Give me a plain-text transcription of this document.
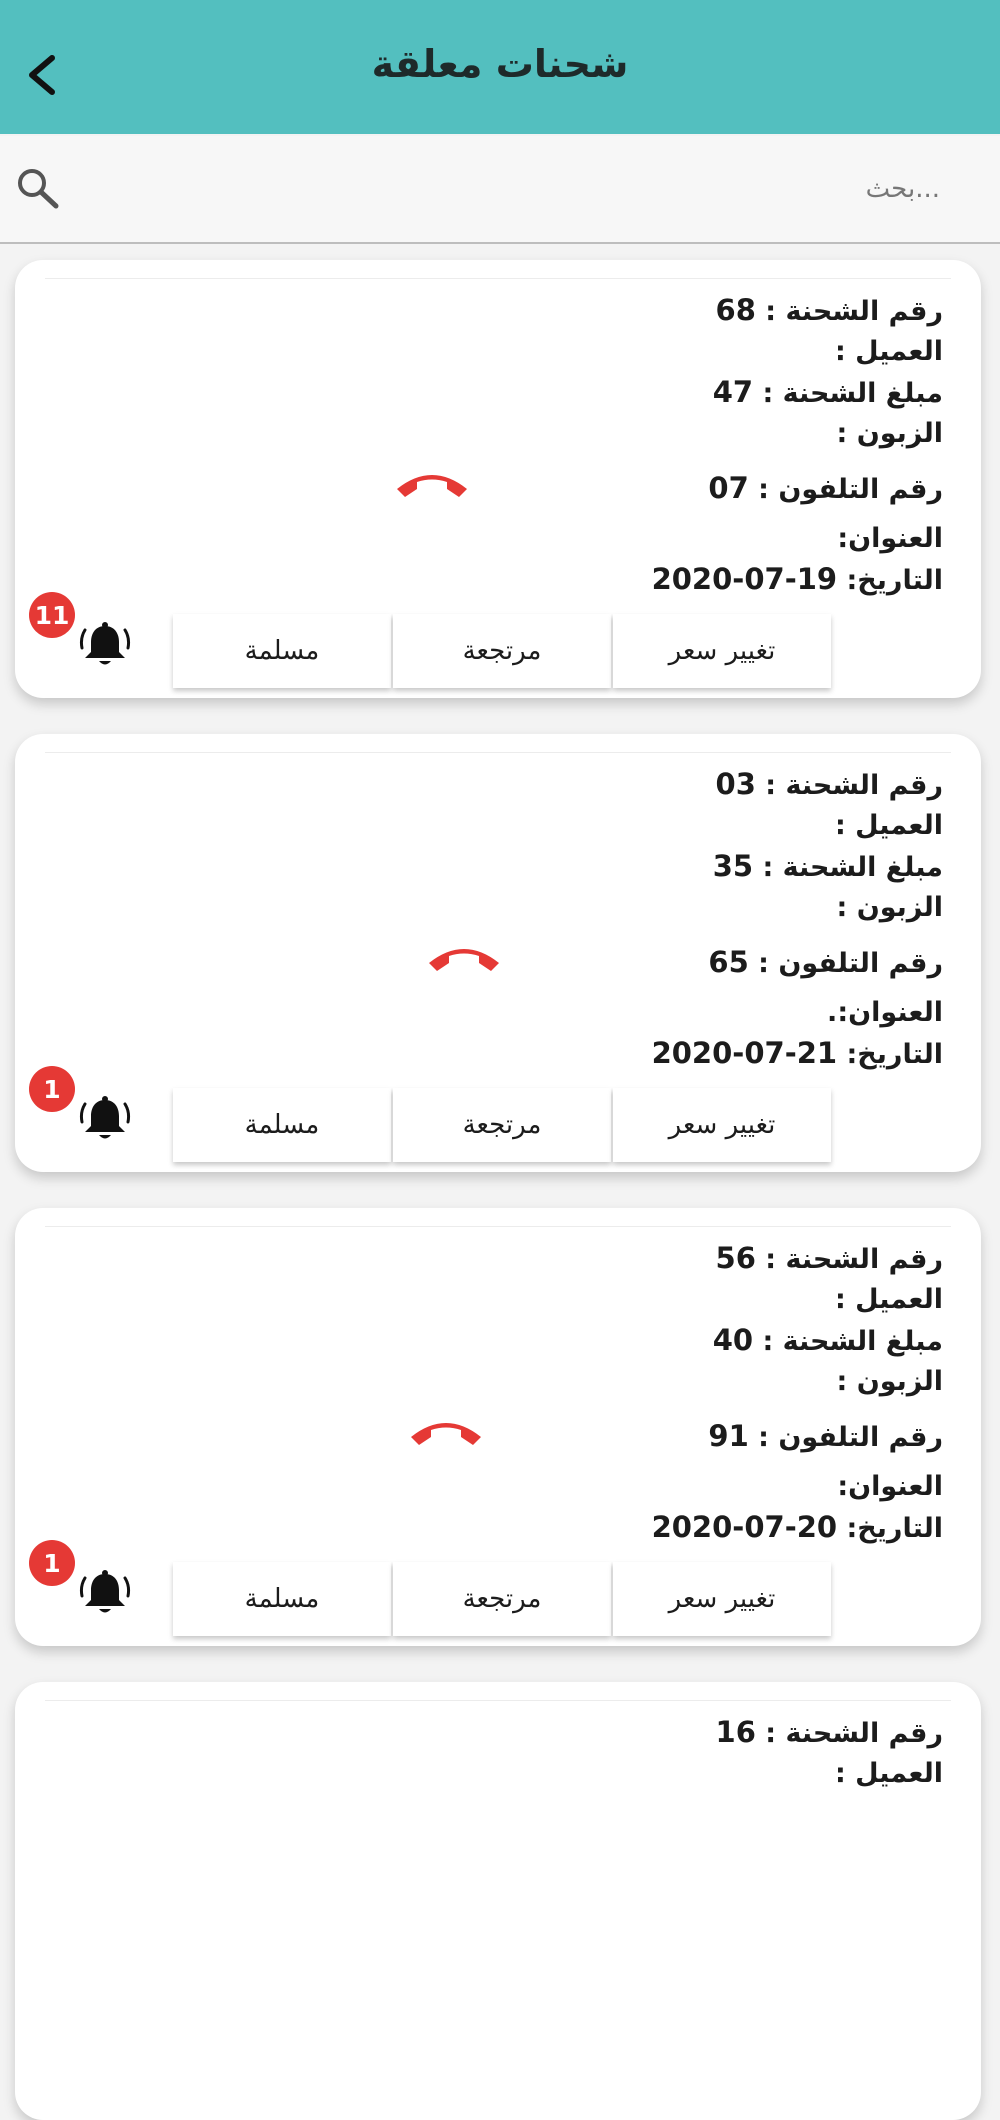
شحنات معلقة
...بحث
رقم الشحنة : 68
العميل :
مبلغ الشحنة : 47
الزبون :
رقم التلفون : 07
العنوان:
التاريخ: 19-07-2020
مسلمة	مرتجعة	تغيير سعر
11
رقم الشحنة : 03
العميل :
مبلغ الشحنة : 35
الزبون :
رقم التلفون : 65
العنوان:.
التاريخ: 21-07-2020
مسلمة	مرتجعة	تغيير سعر
1
رقم الشحنة : 56
العميل :
مبلغ الشحنة : 40
الزبون :
رقم التلفون : 91
العنوان:
التاريخ: 20-07-2020
مسلمة	مرتجعة	تغيير سعر
1
رقم الشحنة : 16
العميل :
